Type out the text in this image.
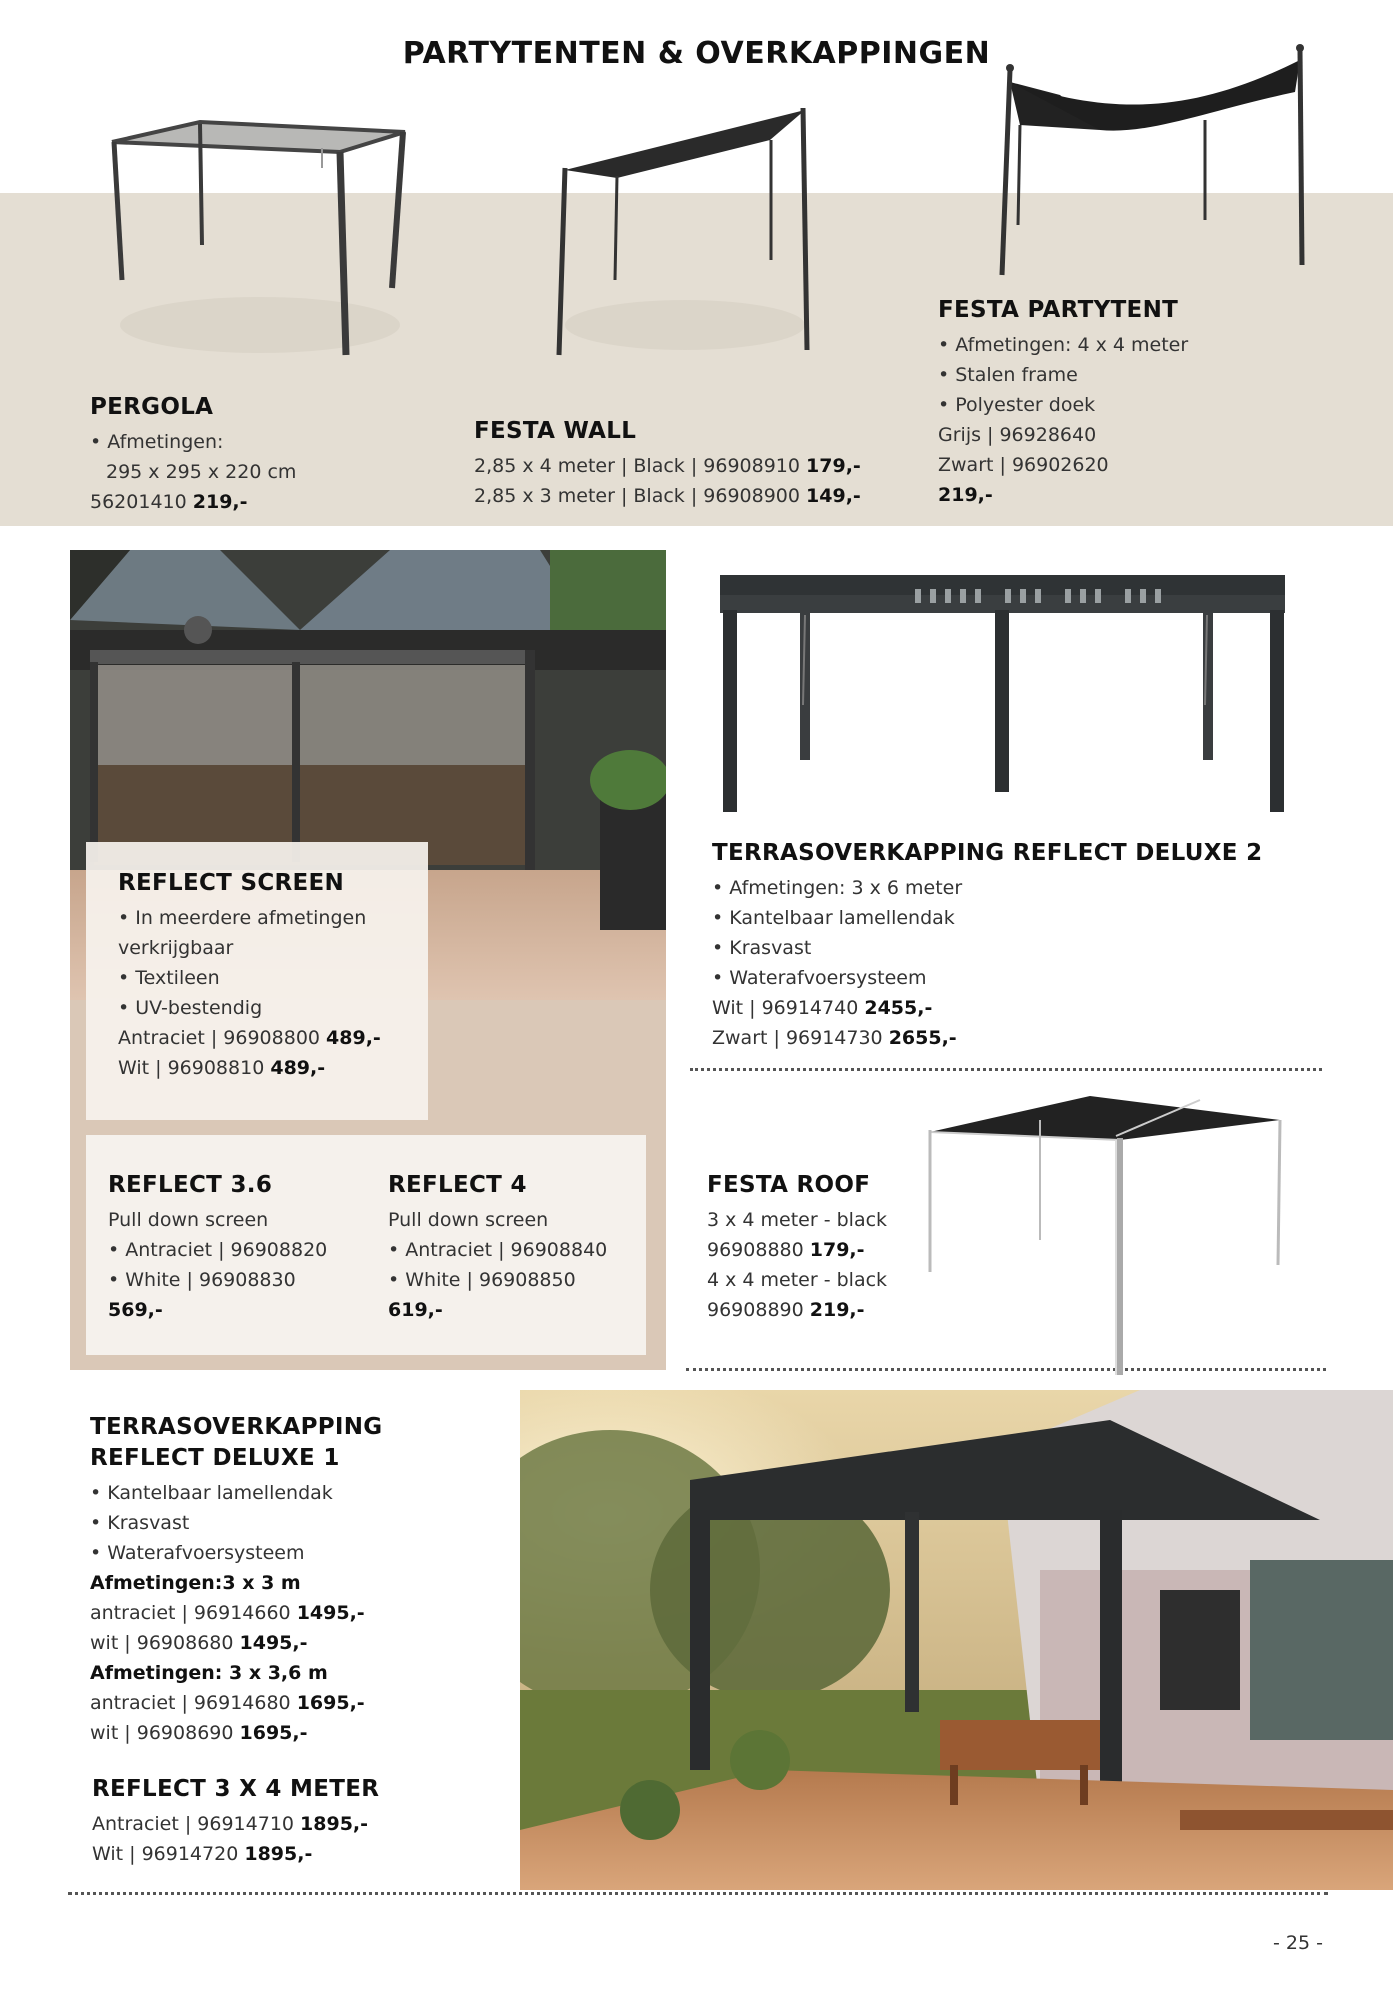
PARTYTENTEN & OVERKAPPINGEN

PERGOLA

• Afmetingen:

295 x 295 x 220 cm

56201410 219,-

FESTA WALL

2,85 x 4 meter | Black | 96908910 179,-

2,85 x 3 meter | Black | 96908900 149,-

FESTA PARTYTENT

• Afmetingen: 4 x 4 meter

• Stalen frame

• Polyester doek

Grijs | 96928640

Zwart | 96902620

219,-

REFLECT SCREEN

• In meerdere afmetingen

verkrijgbaar

• Textileen

• UV-bestendig

Antraciet | 96908800 489,-

Wit | 96908810 489,-

REFLECT 3.6

Pull down screen

• Antraciet | 96908820

• White | 96908830

569,-

REFLECT 4

Pull down screen

• Antraciet | 96908840

• White | 96908850

619,-

TERRASOVERKAPPING REFLECT DELUXE 2

• Afmetingen: 3 x 6 meter

• Kantelbaar lamellendak

• Krasvast

• Waterafvoersysteem

Wit | 96914740 2455,-

Zwart | 96914730 2655,-

FESTA ROOF

3 x 4 meter - black

96908880 179,-

4 x 4 meter - black

96908890 219,-

TERRASOVERKAPPING

REFLECT DELUXE 1

• Kantelbaar lamellendak

• Krasvast

• Waterafvoersysteem

Afmetingen:3 x 3 m

antraciet | 96914660 1495,-

wit | 96908680 1495,-

Afmetingen: 3 x 3,6 m

antraciet | 96914680 1695,-

wit | 96908690 1695,-

REFLECT 3 X 4 METER

Antraciet | 96914710 1895,-

Wit | 96914720 1895,-

- 25 -
